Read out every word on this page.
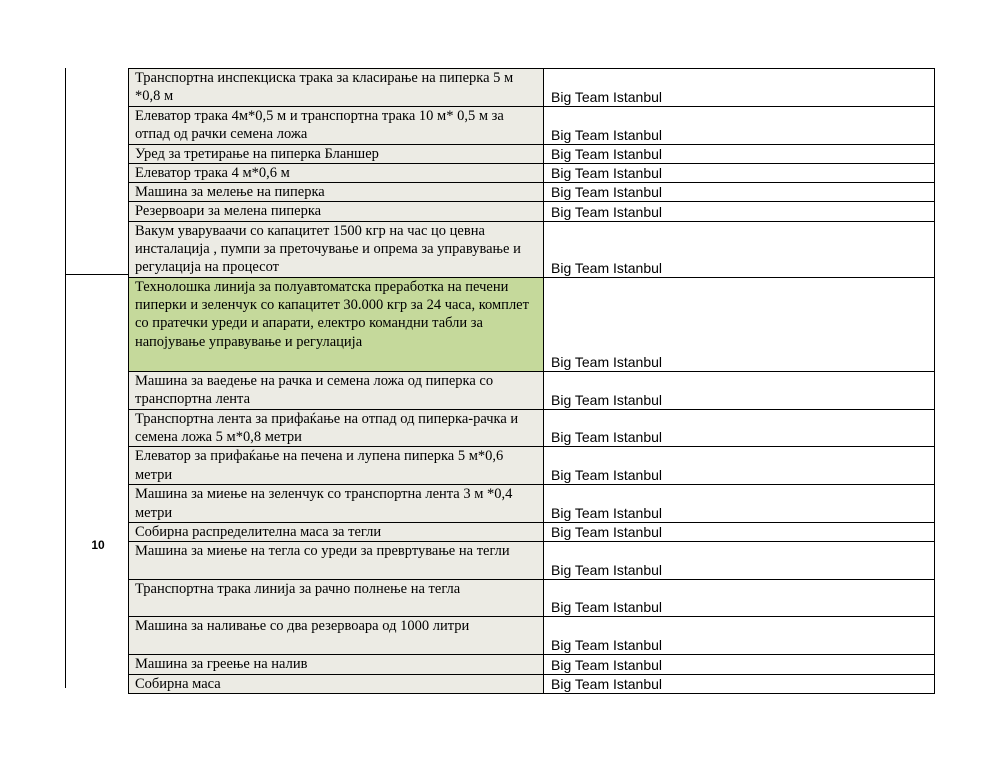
10
Транспортна инспекциска трака за класирање на пиперка 5 м *0,8 м	Big Team Istanbul
Елеватор трака 4м*0,5 м и транспортна трака 10 м* 0,5 м за отпад од рачки семена ложа	Big Team Istanbul
Уред за третирање на пиперка Бланшер	Big Team Istanbul
Елеватор трака 4 м*0,6 м	Big Team Istanbul
Машина за мелење на пиперка	Big Team Istanbul
Резервоари за мелена пиперка	Big Team Istanbul
Вакум уваруваачи со капацитет 1500 кгр на час цо цевна инсталација , пумпи за преточување и опрема за управување и регулација на процесот	Big Team Istanbul
Технолошка линија за полуавтоматска преработка на печени пиперки и зеленчук со капацитет 30.000 кгр за 24 часа, комплет со пратечки уреди и апарати, електро командни табли за напојување управување и регулација	Big Team Istanbul
Машина за ваедење на рачка и семена ложа од пиперка со транспортна лента	Big Team Istanbul
Транспортна лента за прифаќање на отпад од пиперка-рачка и семена ложа 5 м*0,8 метри	Big Team Istanbul
Елеватор за прифаќање на печена и лупена пиперка 5 м*0,6 метри	Big Team Istanbul
Машина за миење на зеленчук со транспортна лента 3 м *0,4 метри	Big Team Istanbul
Собирна распределителна маса за тегли	Big Team Istanbul
Машина за миење на тегла со уреди за превртување на тегли	Big Team Istanbul
Транспортна трака линија за рачно полнење на тегла	Big Team Istanbul
Машина за наливање со два резервоара од 1000 литри	Big Team Istanbul
Машина за греење на налив	Big Team Istanbul
Собирна маса	Big Team Istanbul
